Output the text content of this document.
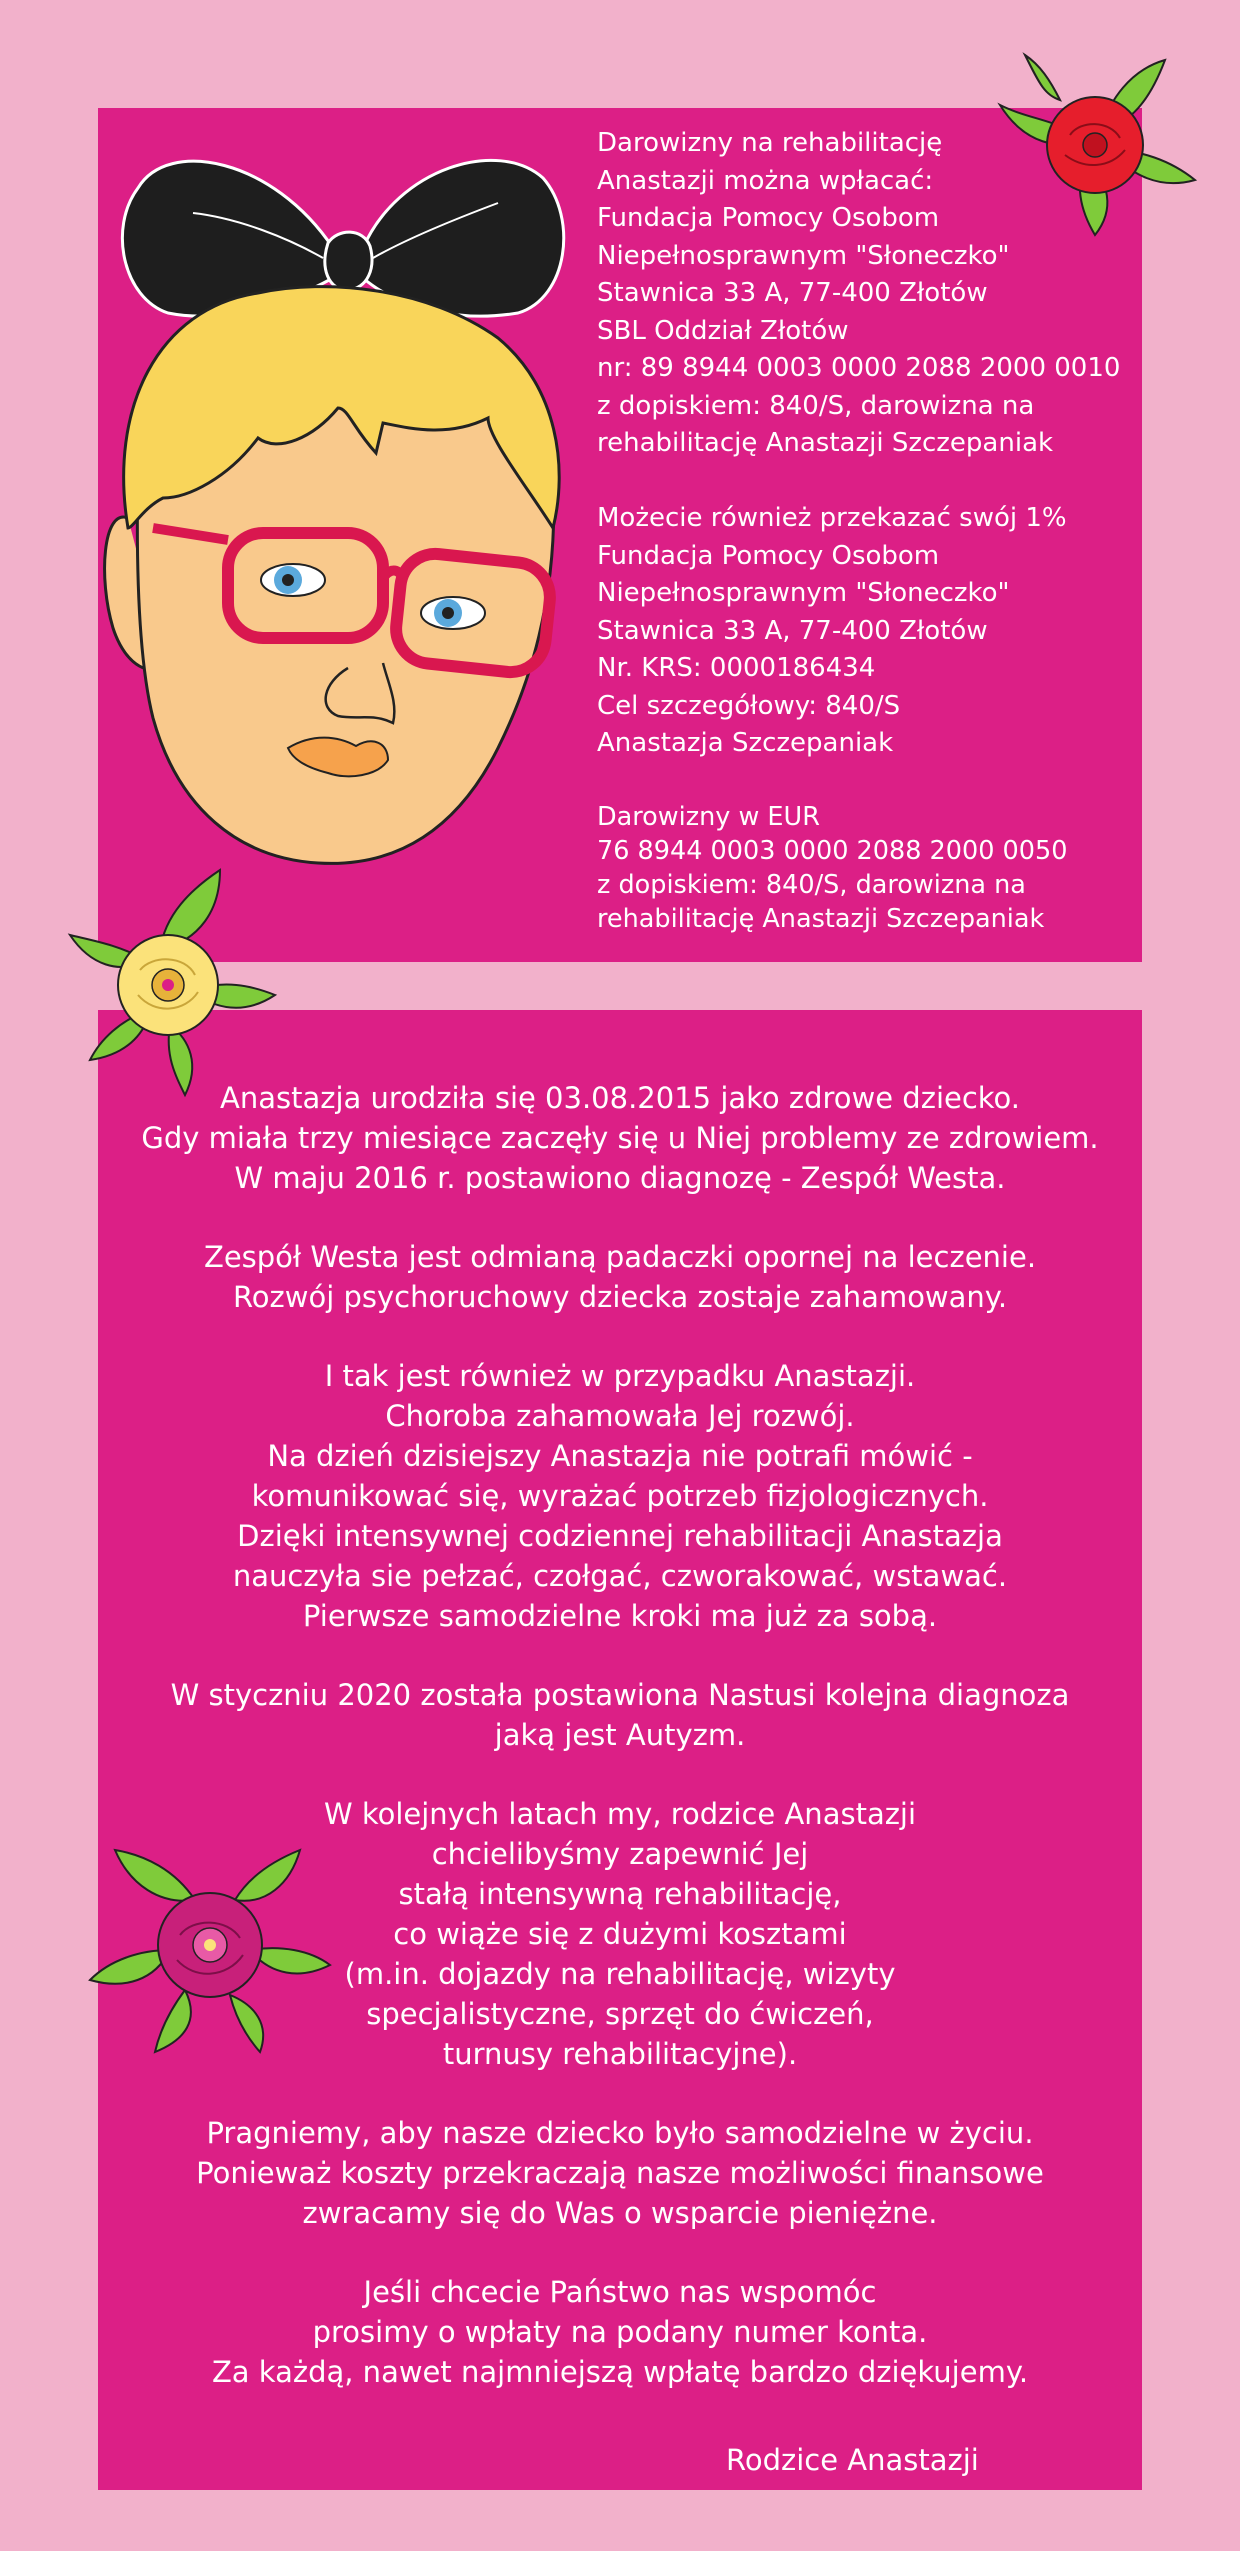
Darowizny na rehabilitację
Anastazji można wpłacać:
Fundacja Pomocy Osobom
Niepełnosprawnym "Słoneczko"
Stawnica 33 A, 77-400 Złotów
SBL Oddział Złotów
nr: 89 8944 0003 0000 2088 2000 0010
z dopiskiem: 840/S, darowizna na
rehabilitację Anastazji Szczepaniak
Możecie również przekazać swój 1%
Fundacja Pomocy Osobom
Niepełnosprawnym "Słoneczko"
Stawnica 33 A, 77-400 Złotów
Nr. KRS: 0000186434
Cel szczegółowy: 840/S
Anastazja Szczepaniak
Darowizny w EUR
76 8944 0003 0000 2088 2000 0050
z dopiskiem: 840/S, darowizna na
rehabilitację Anastazji Szczepaniak
Anastazja urodziła się 03.08.2015 jako zdrowe dziecko.
Gdy miała trzy miesiące zaczęły się u Niej problemy ze zdrowiem.
W maju 2016 r. postawiono diagnozę - Zespół Westa.
Zespół Westa jest odmianą padaczki opornej na leczenie.
Rozwój psychoruchowy dziecka zostaje zahamowany.
I tak jest również w przypadku Anastazji.
Choroba zahamowała Jej rozwój.
Na dzień dzisiejszy Anastazja nie potrafi mówić -
komunikować się, wyrażać potrzeb fizjologicznych.
Dzięki intensywnej codziennej rehabilitacji Anastazja
nauczyła sie pełzać, czołgać, czworakować, wstawać.
Pierwsze samodzielne kroki ma już za sobą.
W styczniu 2020 została postawiona Nastusi kolejna diagnoza
jaką jest Autyzm.
W kolejnych latach my, rodzice Anastazji
chcielibyśmy zapewnić Jej
stałą intensywną rehabilitację,
co wiąże się z dużymi kosztami
(m.in. dojazdy na rehabilitację, wizyty
specjalistyczne, sprzęt do ćwiczeń,
turnusy rehabilitacyjne).
Pragniemy, aby nasze dziecko było samodzielne w życiu.
Ponieważ koszty przekraczają nasze możliwości finansowe
zwracamy się do Was o wsparcie pieniężne.
Jeśli chcecie Państwo nas wspomóc
prosimy o wpłaty na podany numer konta.
Za każdą, nawet najmniejszą wpłatę bardzo dziękujemy.
Rodzice Anastazji
